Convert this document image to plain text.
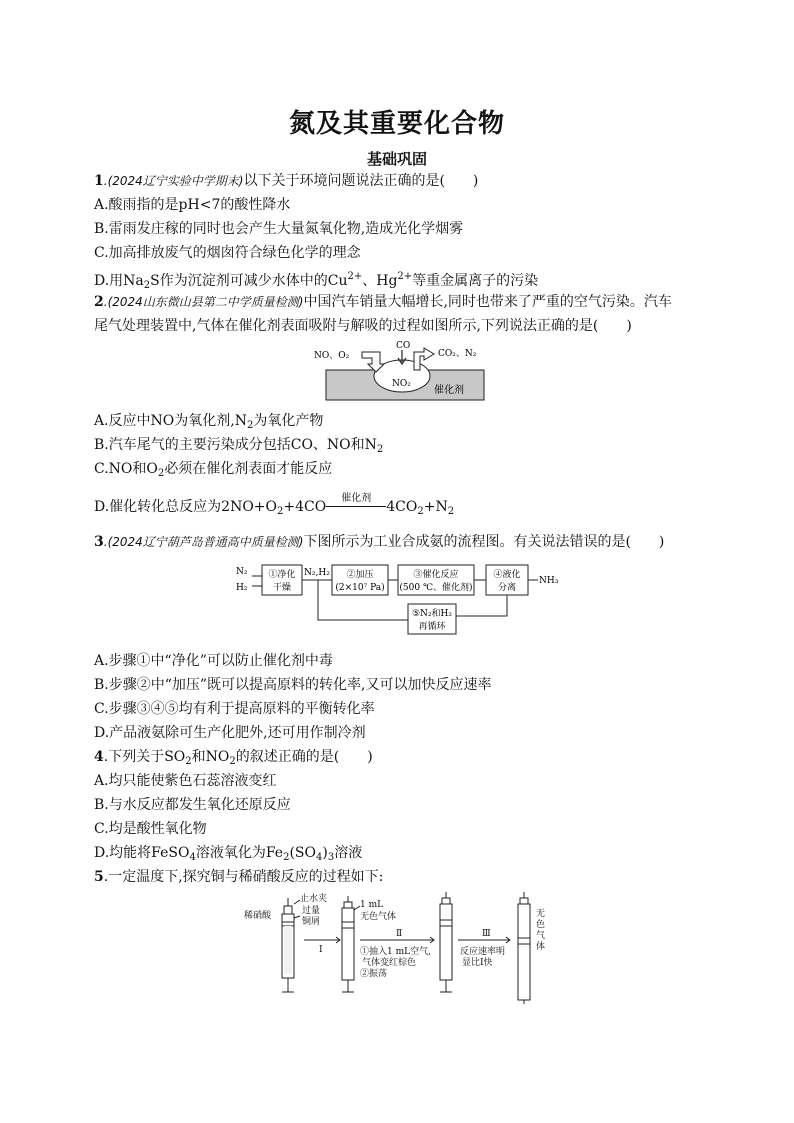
氮及其重要化合物
基础巩固
1.(2024辽宁实验中学期末)以下关于环境问题说法正确的是(　　)
A.酸雨指的是pH<7的酸性降水
B.雷雨发庄稼的同时也会产生大量氮氧化物,造成光化学烟雾
C.加高排放废气的烟囱符合绿色化学的理念
D.用$Na_2S$作为沉淀剂可减少水体中的$Cu^{2+}$、$Hg^{2+}$等重金属离子的污染
2.(2024山东微山县第二中学质量检测)中国汽车销量大幅增长,同时也带来了严重的空气污染。汽车
尾气处理装置中,气体在催化剂表面吸附与解吸的过程如图所示,下列说法正确的是(　　)
NO、O₂
CO
CO₂、N₂
NO₂
催化剂
A.反应中NO为氧化剂$,N_2$为氧化产物
B.汽车尾气的主要污染成分包括CO、NO和$N_2$
C.NO和$O_2$必须在催化剂表面才能反应
D.催化转化总反应为$2NO+O_2+4CO$
催化剂
$4CO_2+N_2$
3.(2024辽宁葫芦岛普通高中质量检测)下图所示为工业合成氨的流程图。有关说法错误的是(　　)
N₂
H₂
①净化
干燥
N₂,H₂ ②加压
(2×10⁷ Pa)
③催化反应
(500 ℃、催化剂)
④液化
分离
NH₃
⑤N₂和H₂
再循环
A.步骤①中“净化”可以防止催化剂中毒
B.步骤②中“加压”既可以提高原料的转化率,又可以加快反应速率
C.步骤③④⑤均有利于提高原料的平衡转化率
D.产品液氨除可生产化肥外,还可用作制冷剂
4.下列关于$SO_2$和$NO_2$的叙述正确的是(　　)
A.均只能使紫色石蕊溶液变红
B.与水反应都发生氧化还原反应
C.均是酸性氧化物
D.均能将FeSO$_4$溶液氧化为$Fe_2(SO_4)_3$溶液
5.一定温度下,探究铜与稀硝酸反应的过程如下:
稀硝酸
止水夹
过量
铜屑
Ⅰ
1 mL
无色气体
Ⅱ
①抽入1 mL空气,
气体变红棕色
②振荡
Ⅲ
反应速率明
显比Ⅰ快
无
色
气
体
